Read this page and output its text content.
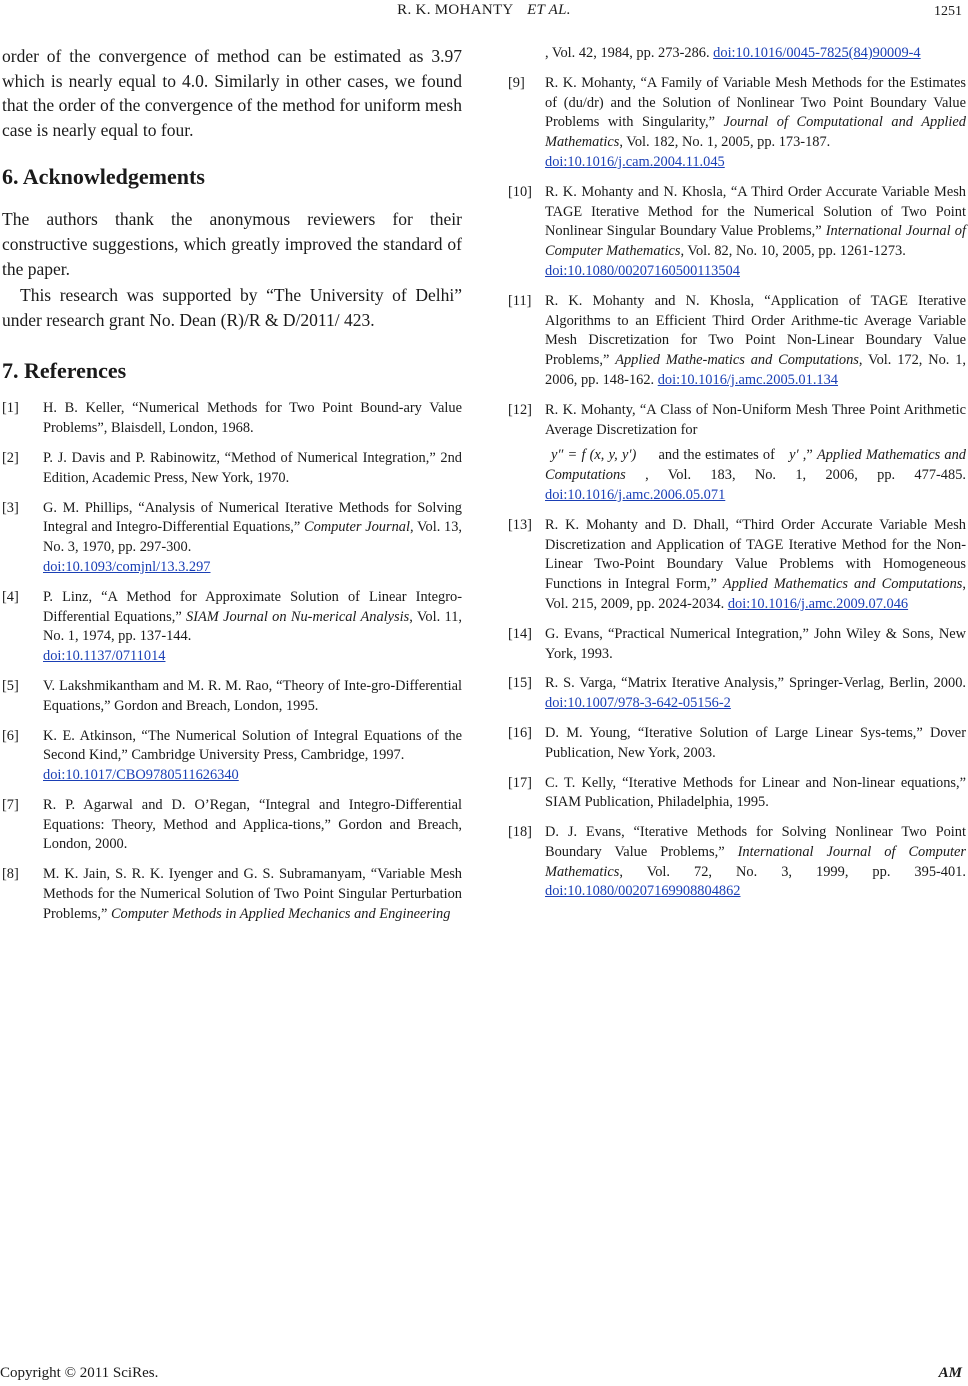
R. K. MOHANTY ET AL.	1251

order of the convergence of method can be estimated as 3.97 which is nearly equal to 4.0. Similarly in other cases, we found that the order of the convergence of the method for uniform mesh case is nearly equal to four.

6. Acknowledgements

The authors thank the anonymous reviewers for their constructive suggestions, which greatly improved the standard of the paper.

This research was supported by “The University of Delhi” under research grant No. Dean (R)/R & D/2011/ 423.

7. References
[1] H. B. Keller, “Numerical Methods for Two Point Bound-ary Value Problems”, Blaisdell, London, 1968.
[2] P. J. Davis and P. Rabinowitz, “Method of Numerical Integration,” 2nd Edition, Academic Press, New York, 1970.
[3] G. M. Phillips, “Analysis of Numerical Iterative Methods for Solving Integral and Integro-Differential Equations,” Computer Journal, Vol. 13, No. 3, 1970, pp. 297-300.
doi:10.1093/comjnl/13.3.297
[4] P. Linz, “A Method for Approximate Solution of Linear Integro-Differential Equations,” SIAM Journal on Nu-merical Analysis, Vol. 11, No. 1, 1974, pp. 137-144.
doi:10.1137/0711014
[5] V. Lakshmikantham and M. R. M. Rao, “Theory of Inte-gro-Differential Equations,” Gordon and Breach, London, 1995.
[6] K. E. Atkinson, “The Numerical Solution of Integral Equations of the Second Kind,” Cambridge University Press, Cambridge, 1997.
doi:10.1017/CBO9780511626340
[7] R. P. Agarwal and D. O’Regan, “Integral and Integro-Differential Equations: Theory, Method and Applica-tions,” Gordon and Breach, London, 2000.
[8] M. K. Jain, S. R. K. Iyenger and G. S. Subramanyam, “Variable Mesh Methods for the Numerical Solution of Two Point Singular Perturbation Problems,” Computer Methods in Applied Mechanics and Engineering
, Vol. 42, 1984, pp. 273-286. doi:10.1016/0045-7825(84)90009-4
[9] R. K. Mohanty, “A Family of Variable Mesh Methods for the Estimates of (du/dr) and the Solution of Nonlinear Two Point Boundary Value Problems with Singularity,” Journal of Computational and Applied Mathematics, Vol. 182, No. 1, 2005, pp. 173-187.
doi:10.1016/j.cam.2004.11.045
[10] R. K. Mohanty and N. Khosla, “A Third Order Accurate Variable Mesh TAGE Iterative Method for the Numerical Solution of Two Point Nonlinear Singular Boundary Value Problems,” International Journal of Computer Mathematics, Vol. 82, No. 10, 2005, pp. 1261-1273.
doi:10.1080/00207160500113504
[11] R. K. Mohanty and N. Khosla, “Application of TAGE Iterative Algorithms to an Efficient Third Order Arithme-tic Average Variable Mesh Discretization for Two Point Non-Linear Boundary Value Problems,” Applied Mathe-matics and Computations, Vol. 172, No. 1, 2006, pp. 148-162. doi:10.1016/j.amc.2005.01.134
[12] R. K. Mohanty, “A Class of Non-Uniform Mesh Three Point Arithmetic Average Discretization for
y″ = f (x, y, y′) and the estimates of y′ ,” Applied Mathematics and Computations , Vol. 183, No. 1, 2006, pp. 477-485. doi:10.1016/j.amc.2006.05.071
[13] R. K. Mohanty and D. Dhall, “Third Order Accurate Variable Mesh Discretization and Application of TAGE Iterative Method for the Non-Linear Two-Point Boundary Value Problems with Homogeneous Functions in Integral Form,” Applied Mathematics and Computations, Vol. 215, 2009, pp. 2024-2034. doi:10.1016/j.amc.2009.07.046
[14] G. Evans, “Practical Numerical Integration,” John Wiley & Sons, New York, 1993.
[15] R. S. Varga, “Matrix Iterative Analysis,” Springer-Verlag, Berlin, 2000. doi:10.1007/978-3-642-05156-2
[16] D. M. Young, “Iterative Solution of Large Linear Sys-tems,” Dover Publication, New York, 2003.
[17] C. T. Kelly, “Iterative Methods for Linear and Non-linear equations,” SIAM Publication, Philadelphia, 1995.
[18] D. J. Evans, “Iterative Methods for Solving Nonlinear Two Point Boundary Value Problems,” International Journal of Computer Mathematics, Vol. 72, No. 3, 1999, pp. 395-401. doi:10.1080/00207169908804862
Copyright © 2011 SciRes.	AM
